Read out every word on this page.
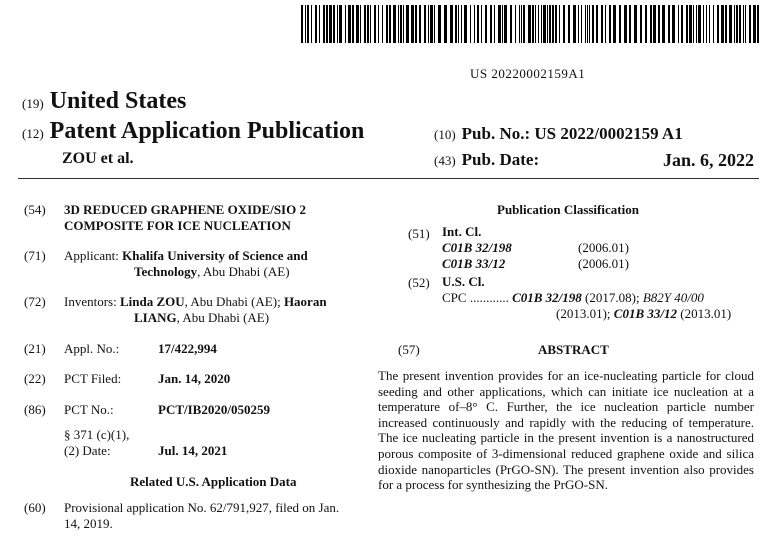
US 20220002159A1
(19) United States
(12) Patent Application Publication
ZOU et al.
(10) Pub. No.: US 2022/0002159 A1
(43) Pub. Date:	Jan. 6, 2022
(54) 3D REDUCED GRAPHENE OXIDE/SIO 2
COMPOSITE FOR ICE NUCLEATION
(71) Applicant: Khalifa University of Science and
Technology, Abu Dhabi (AE)
(72) Inventors: Linda ZOU, Abu Dhabi (AE); Haoran
LIANG, Abu Dhabi (AE)
(21) Appl. No.:	17/422,994
(22) PCT Filed:	Jan. 14, 2020
(86) PCT No.:	PCT/IB2020/050259
§ 371 (c)(1),
(2) Date:	Jul. 14, 2021
Related U.S. Application Data
(60) Provisional application No. 62/791,927, filed on Jan.
14, 2019.
Publication Classification
(51) Int. Cl.
C01B 32/198	(2006.01)
C01B 33/12	(2006.01)
(52) U.S. Cl.
CPC ............ C01B 32/198 (2017.08); B82Y 40/00
(2013.01); C01B 33/12 (2013.01)
(57)	ABSTRACT
The present invention provides for an ice-nucleating particle for cloud seeding and other applications, which can initiate ice nucleation at a temperature of–8° C. Further, the ice nucleation particle number increased continuously and rapidly with the reducing of temperature. The ice nucleating particle in the present invention is a nanostructured porous composite of 3-dimensional reduced graphene oxide and silica dioxide nanoparticles (PrGO-SN). The present invention also provides for a process for synthesizing the PrGO-SN.
